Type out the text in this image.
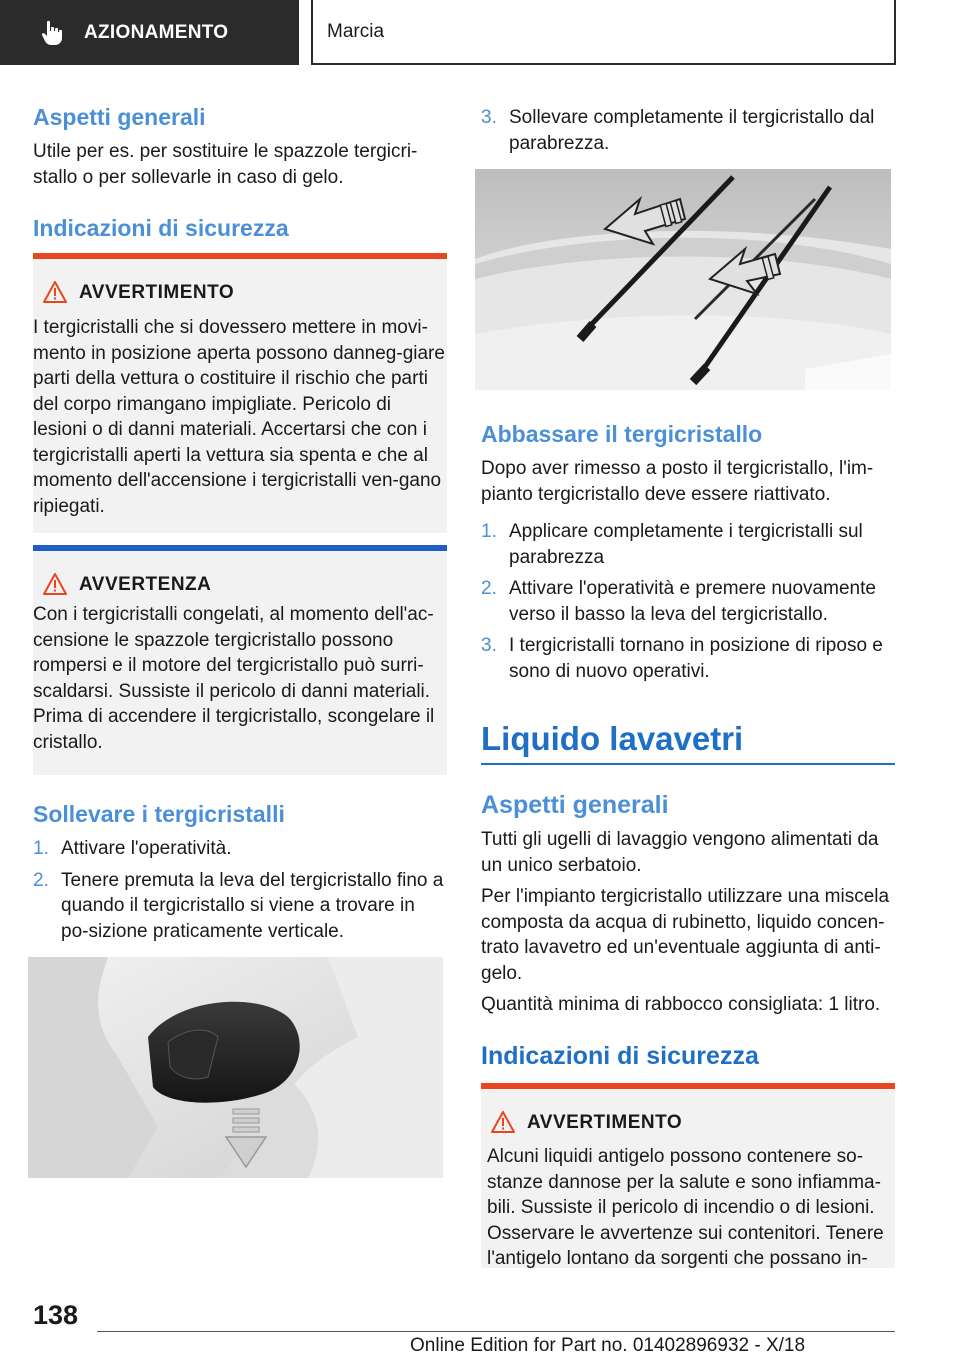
AZIONAMENTO	Marcia
Aspetti generali
Utile per es. per sostituire le spazzole tergicri-stallo o per sollevarle in caso di gelo.
Indicazioni di sicurezza
AVVERTIMENTO
I tergicristalli che si dovessero mettere in movi-mento in posizione aperta possono danneg-giare parti della vettura o costituire il rischio che parti del corpo rimangano impigliate. Pericolo di lesioni o di danni materiali. Accertarsi che con i tergicristalli aperti la vettura sia spenta e che al momento dell'accensione i tergicristalli ven-gano ripiegati.
AVVERTENZA
Con i tergicristalli congelati, al momento dell'ac-censione le spazzole tergicristallo possono rompersi e il motore del tergicristallo può surri-scaldarsi. Sussiste il pericolo di danni materiali. Prima di accendere il tergicristallo, scongelare il cristallo.
Sollevare i tergicristalli
1. Attivare l'operatività.
2. Tenere premuta la leva del tergicristallo fino a quando il tergicristallo si viene a trovare in po-sizione praticamente verticale.
3. Sollevare completamente il tergicristallo dal parabrezza.
Abbassare il tergicristallo
Dopo aver rimesso a posto il tergicristallo, l'im-pianto tergicristallo deve essere riattivato.
1. Applicare completamente i tergicristalli sul parabrezza
2. Attivare l'operatività e premere nuovamente verso il basso la leva del tergicristallo.
3. I tergicristalli tornano in posizione di riposo e sono di nuovo operativi.
Liquido lavavetri
Aspetti generali
Tutti gli ugelli di lavaggio vengono alimentati da un unico serbatoio.
Per l'impianto tergicristallo utilizzare una miscela composta da acqua di rubinetto, liquido concen-trato lavavetro ed un'eventuale aggiunta di anti-gelo.
Quantità minima di rabbocco consigliata: 1 litro.
Indicazioni di sicurezza
AVVERTIMENTO
Alcuni liquidi antigelo possono contenere so-stanze dannose per la salute e sono infiamma-bili. Sussiste il pericolo di incendio o di lesioni. Osservare le avvertenze sui contenitori. Tenere l'antigelo lontano da sorgenti che possano in-
138
Online Edition for Part no. 01402896932 - X/18
